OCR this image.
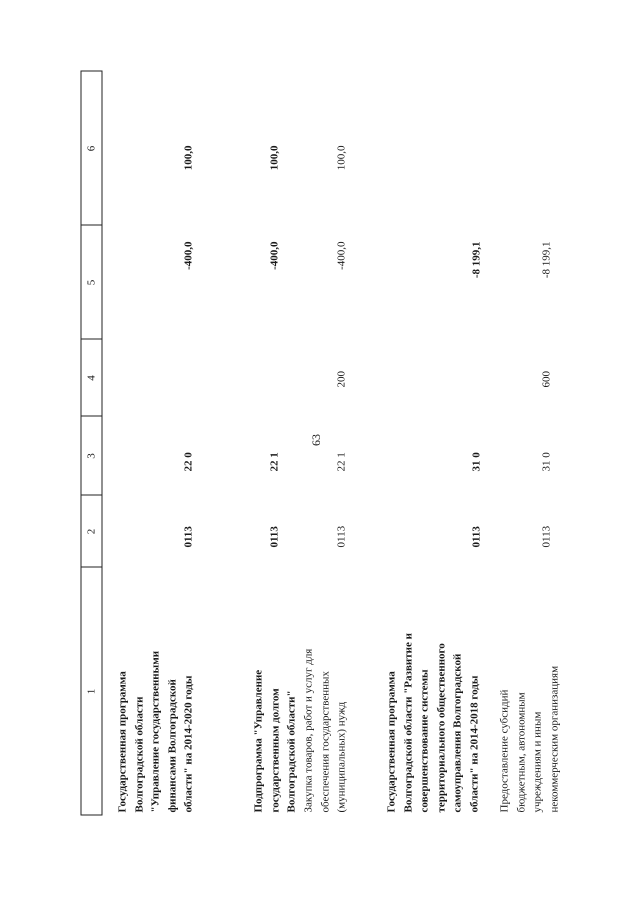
63
1
2
3
4
5
6
Государственная программа Волгоградской области "Управление государственными финансами Волгоградской области" на 2014-2020 годы
0113
22 0
-400,0
100,0
Подпрограмма "Управление государственным долгом Волгоградской области"
0113
22 1
-400,0
100,0
Закупка товаров, работ и услуг для обеспечения государственных (муниципальных) нужд
0113
22 1
200
-400,0
100,0
Государственная программа Волгоградской области "Развитие и совершенствование системы территориального общественного самоуправления Волгоградской области" на 2014-2018 годы
0113
31 0
-8 199,1
Предоставление субсидий бюджетным, автономным учреждениям и иным некоммерческим организациям
0113
31 0
600
-8 199,1
